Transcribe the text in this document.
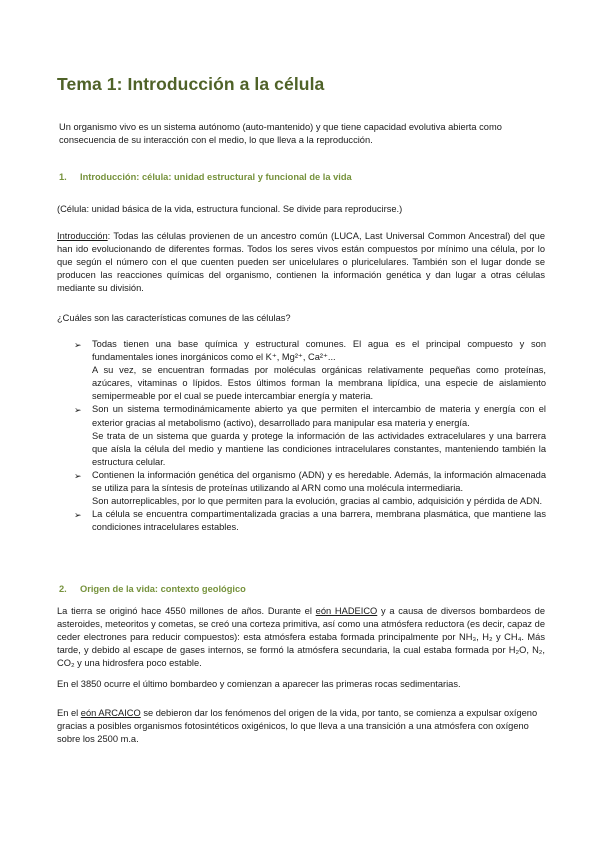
Tema 1: Introducción a la célula

Un organismo vivo es un sistema autónomo (auto-mantenido) y que tiene capacidad evolutiva abierta como consecuencia de su interacción con el medio, lo que lleva a la reproducción.

1. Introducción: célula: unidad estructural y funcional de la vida

(Célula: unidad básica de la vida, estructura funcional. Se divide para reproducirse.)

Introducción: Todas las células provienen de un ancestro común (LUCA, Last Universal Common Ancestral) del que han ido evolucionando de diferentes formas. Todos los seres vivos están compuestos por mínimo una célula, por lo que según el número con el que cuenten pueden ser unicelulares o pluricelulares. También son el lugar donde se producen las reacciones químicas del organismo, contienen la información genética y dan lugar a otras células mediante su división.

¿Cuáles son las características comunes de las células?

➢ Todas tienen una base química y estructural comunes. El agua es el principal compuesto y son fundamentales iones inorgánicos como el K⁺, Mg²⁺, Ca²⁺...
A su vez, se encuentran formadas por moléculas orgánicas relativamente pequeñas como proteínas, azúcares, vitaminas o lípidos. Estos últimos forman la membrana lipídica, una especie de aislamiento semipermeable por el cual se puede intercambiar energía y materia.
➢ Son un sistema termodinámicamente abierto ya que permiten el intercambio de materia y energía con el exterior gracias al metabolismo (activo), desarrollado para manipular esa materia y energía.
Se trata de un sistema que guarda y protege la información de las actividades extracelulares y una barrera que aísla la célula del medio y mantiene las condiciones intracelulares constantes, manteniendo también la estructura celular.
➢ Contienen la información genética del organismo (ADN) y es heredable. Además, la información almacenada se utiliza para la síntesis de proteínas utilizando al ARN como una molécula intermediaria.
Son autorreplicables, por lo que permiten para la evolución, gracias al cambio, adquisición y pérdida de ADN.
➢ La célula se encuentra compartimentalizada gracias a una barrera, membrana plasmática, que mantiene las condiciones intracelulares estables.
2. Origen de la vida: contexto geológico

La tierra se originó hace 4550 millones de años. Durante el eón HADEICO y a causa de diversos bombardeos de asteroides, meteoritos y cometas, se creó una corteza primitiva, así como una atmósfera reductora (es decir, capaz de ceder electrones para reducir compuestos): esta atmósfera estaba formada principalmente por NH₃, H₂ y CH₄. Más tarde, y debido al escape de gases internos, se formó la atmósfera secundaria, la cual estaba formada por H₂O, N₂, CO₂ y una hidrosfera poco estable.

En el 3850 ocurre el último bombardeo y comienzan a aparecer las primeras rocas sedimentarias.

En el eón ARCAICO se debieron dar los fenómenos del origen de la vida, por tanto, se comienza a expulsar oxígeno gracias a posibles organismos fotosintéticos oxigénicos, lo que lleva a una transición a una atmósfera con oxígeno sobre los 2500 m.a.
